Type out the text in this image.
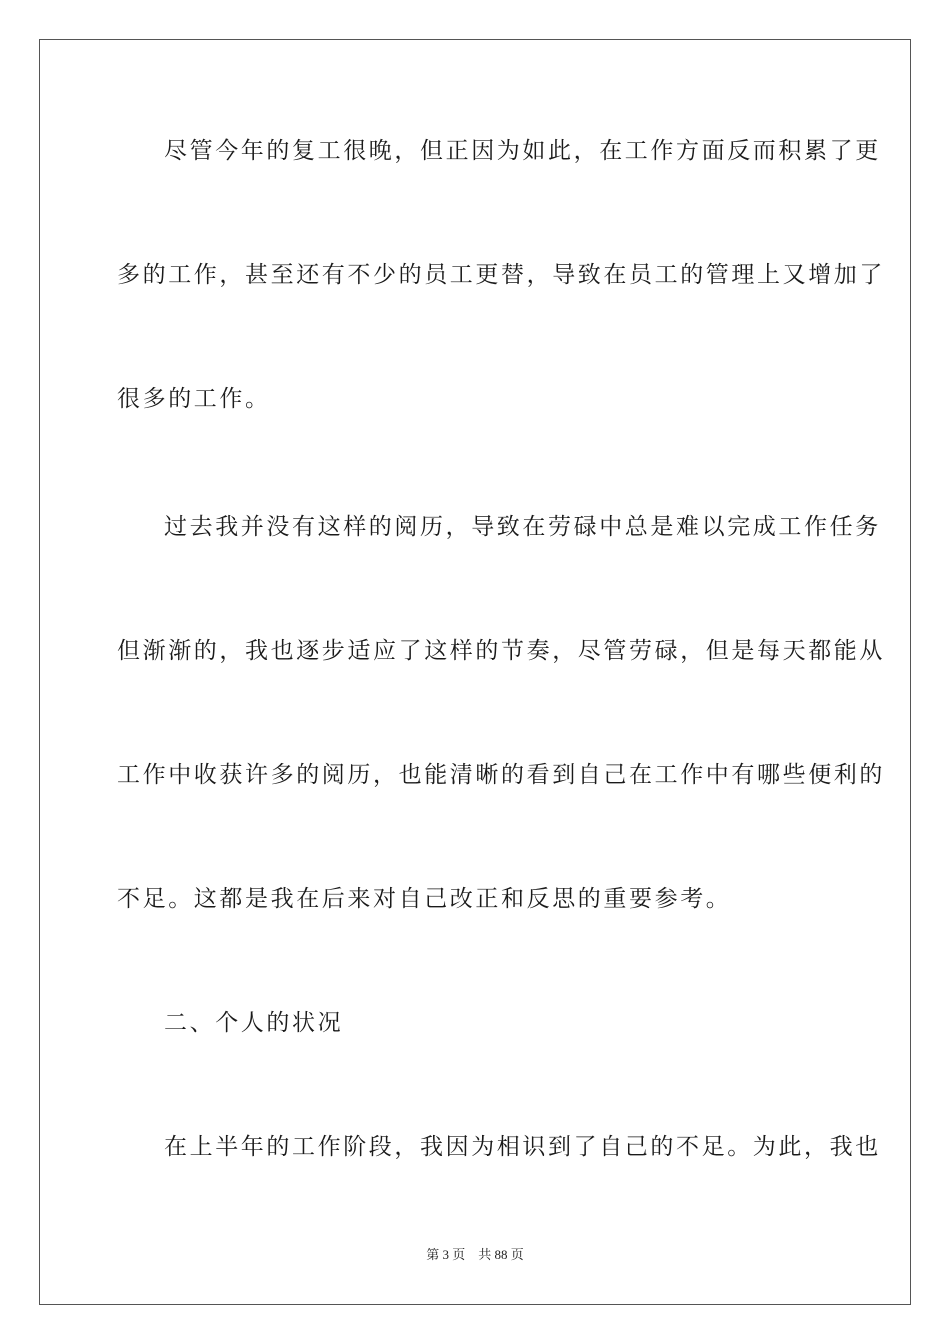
尽管今年的复工很晚，但正因为如此，在工作方面反而积累了更
多的工作，甚至还有不少的员工更替，导致在员工的管理上又增加了
很多的工作。
过去我并没有这样的阅历，导致在劳碌中总是难以完成工作任务
但渐渐的，我也逐步适应了这样的节奏，尽管劳碌，但是每天都能从
工作中收获许多的阅历，也能清晰的看到自己在工作中有哪些便利的
不足。这都是我在后来对自己改正和反思的重要参考。
二、个人的状况
在上半年的工作阶段，我因为相识到了自己的不足。为此，我也
第 3 页 共 88 页
